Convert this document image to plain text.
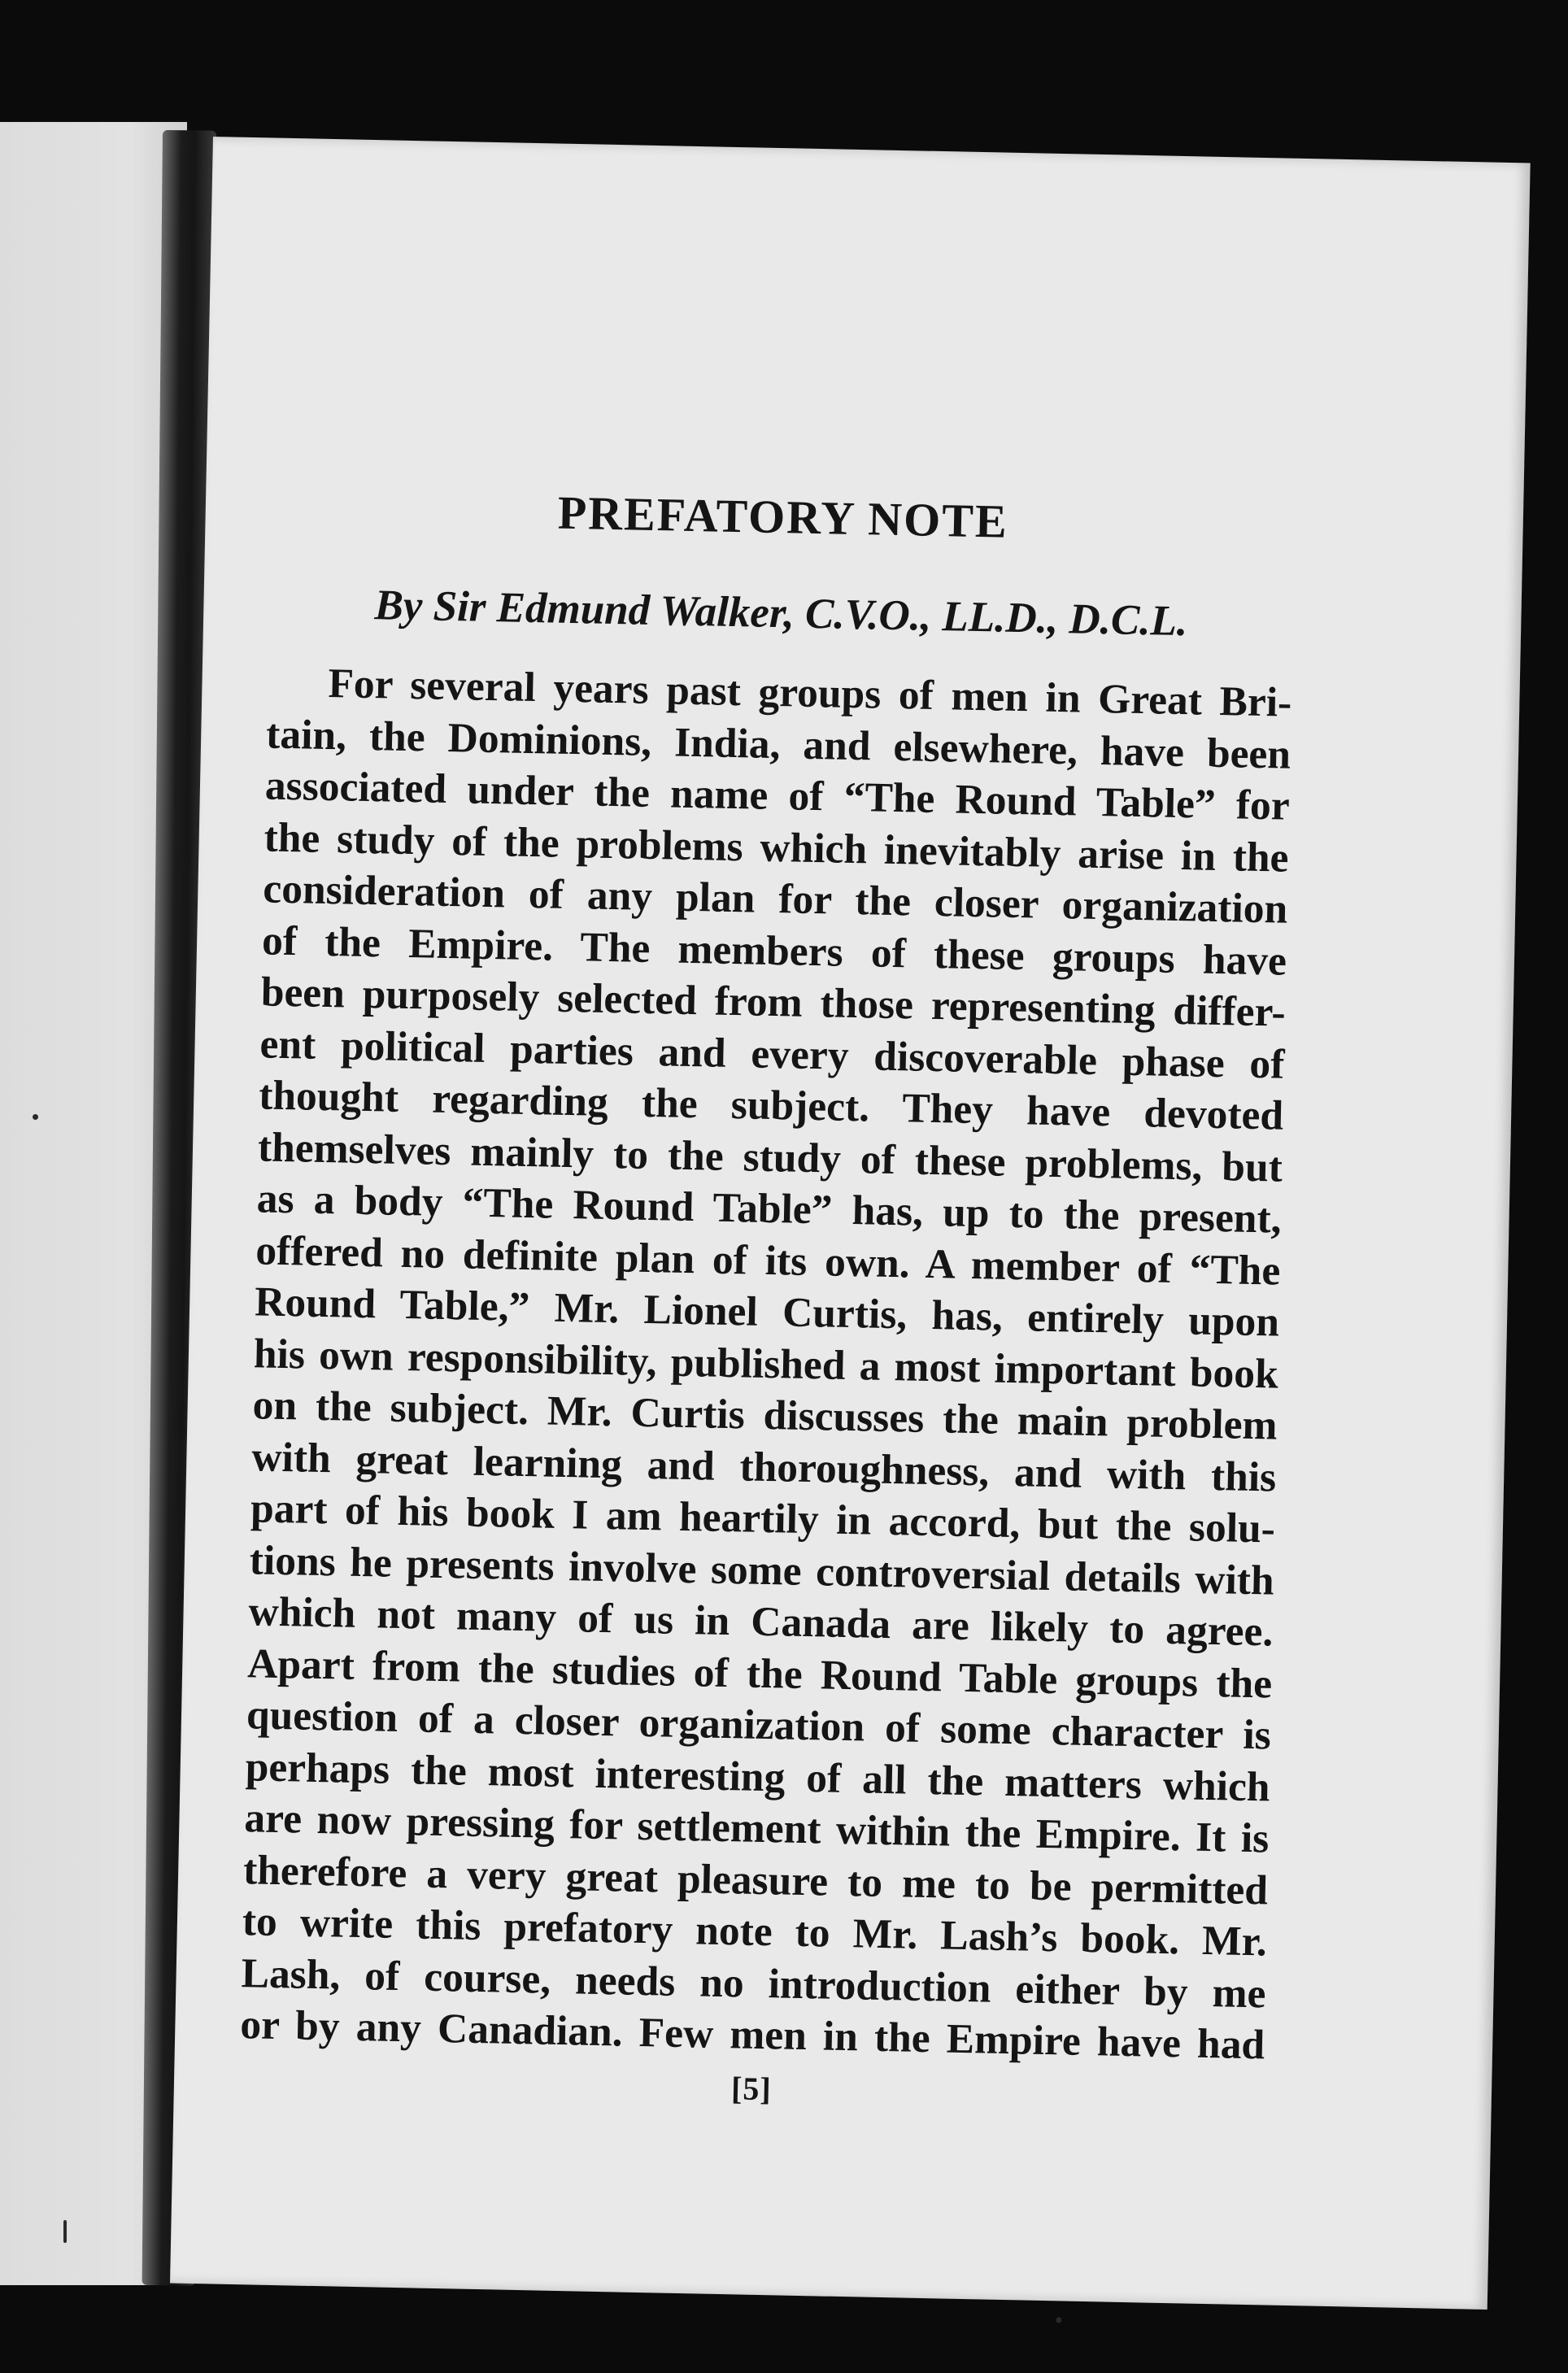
PREFATORY NOTE
By Sir Edmund Walker, C.V.O., LL.D., D.C.L.
For several years past groups of men in Great Bri-
tain, the Dominions, India, and elsewhere, have been
associated under the name of “The Round Table” for
the study of the problems which inevitably arise in the
consideration of any plan for the closer organization
of the Empire. The members of these groups have
been purposely selected from those representing differ-
ent political parties and every discoverable phase of
thought regarding the subject. They have devoted
themselves mainly to the study of these problems, but
as a body “The Round Table” has, up to the present,
offered no definite plan of its own. A member of “The
Round Table,” Mr. Lionel Curtis, has, entirely upon
his own responsibility, published a most important book
on the subject. Mr. Curtis discusses the main problem
with great learning and thoroughness, and with this
part of his book I am heartily in accord, but the solu-
tions he presents involve some controversial details with
which not many of us in Canada are likely to agree.
Apart from the studies of the Round Table groups the
question of a closer organization of some character is
perhaps the most interesting of all the matters which
are now pressing for settlement within the Empire. It is
therefore a very great pleasure to me to be permitted
to write this prefatory note to Mr. Lash’s book. Mr.
Lash, of course, needs no introduction either by me
or by any Canadian. Few men in the Empire have had
[5]
